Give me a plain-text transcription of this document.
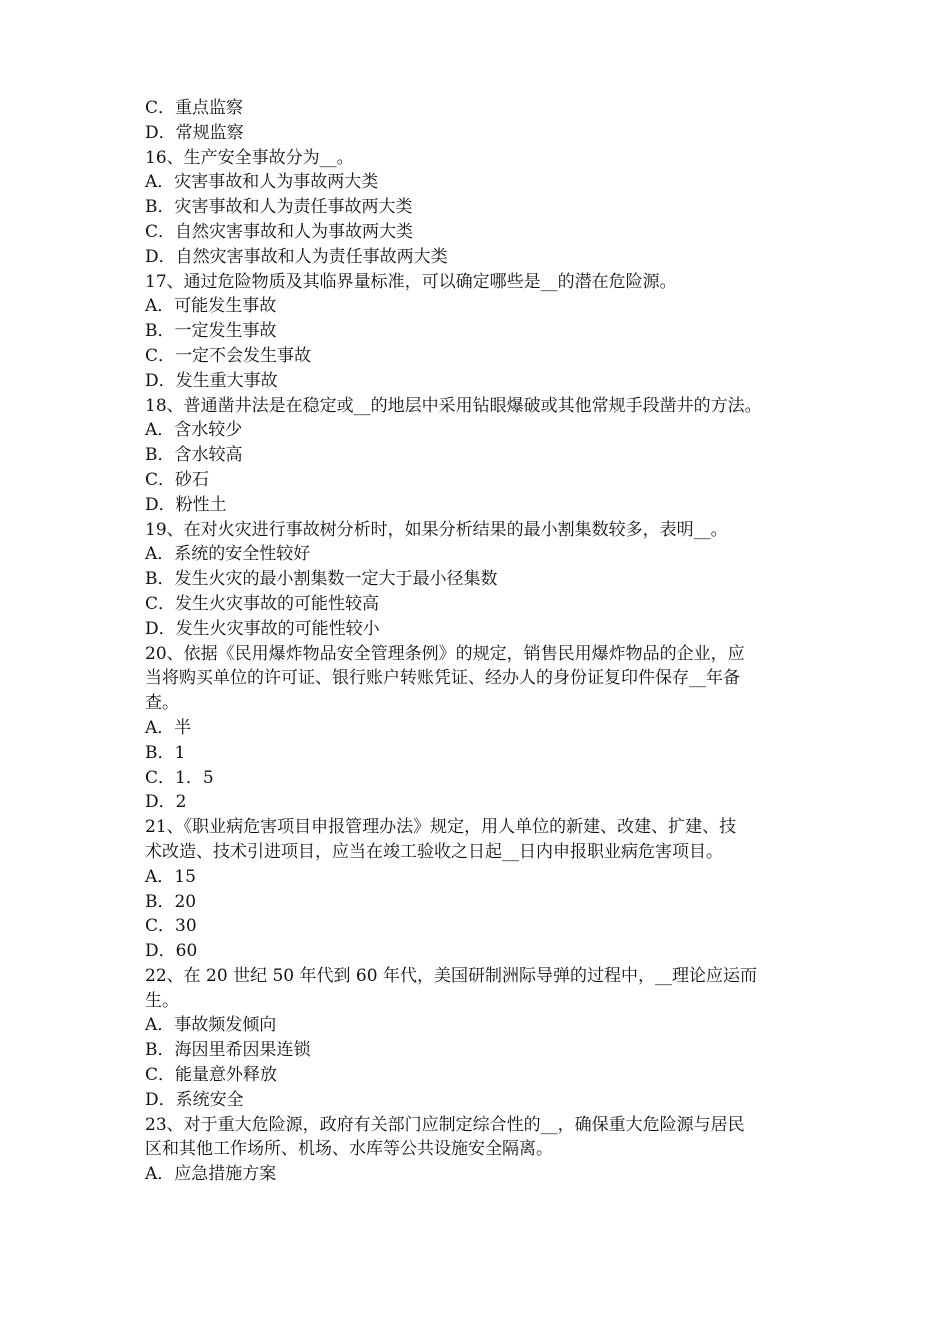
C．重点监察
D．常规监察
16、生产安全事故分为__。
A．灾害事故和人为事故两大类
B．灾害事故和人为责任事故两大类
C．自然灾害事故和人为事故两大类
D．自然灾害事故和人为责任事故两大类
17、通过危险物质及其临界量标准，可以确定哪些是__的潜在危险源。
A．可能发生事故
B．一定发生事故
C．一定不会发生事故
D．发生重大事故
18、普通凿井法是在稳定或__的地层中采用钻眼爆破或其他常规手段凿井的方法。
A．含水较少
B．含水较高
C．砂石
D．粉性土
19、在对火灾进行事故树分析时，如果分析结果的最小割集数较多，表明__。
A．系统的安全性较好
B．发生火灾的最小割集数一定大于最小径集数
C．发生火灾事故的可能性较高
D．发生火灾事故的可能性较小
20、依据《民用爆炸物品安全管理条例》的规定，销售民用爆炸物品的企业，应
当将购买单位的许可证、银行账户转账凭证、经办人的身份证复印件保存__年备
查。
A．半
B．1
C．1．5
D．2
21、《职业病危害项目申报管理办法》规定，用人单位的新建、改建、扩建、技
术改造、技术引进项目，应当在竣工验收之日起__日内申报职业病危害项目。
A．15
B．20
C．30
D．60
22、在 20 世纪 50 年代到 60 年代，美国研制洲际导弹的过程中，__理论应运而
生。
A．事故频发倾向
B．海因里希因果连锁
C．能量意外释放
D．系统安全
23、对于重大危险源，政府有关部门应制定综合性的__，确保重大危险源与居民
区和其他工作场所、机场、水库等公共设施安全隔离。
A．应急措施方案
